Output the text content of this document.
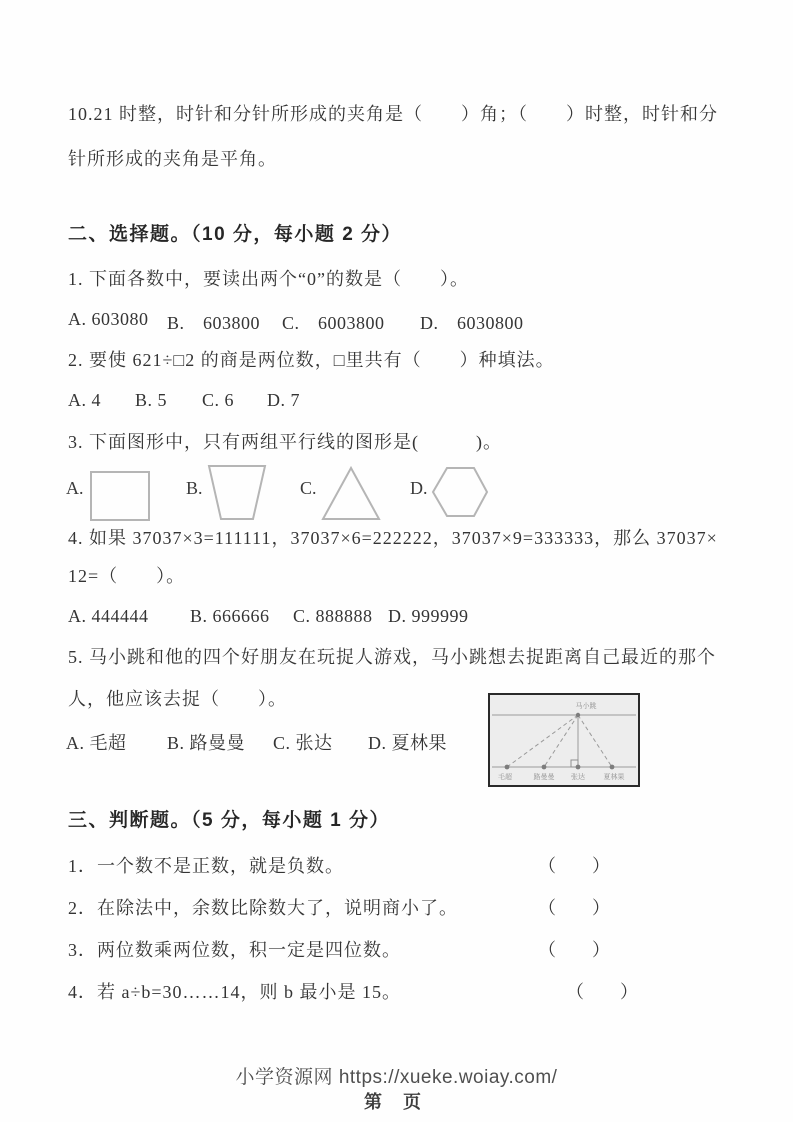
10.21 时整，时针和分针所形成的夹角是（　　）角；（　　）时整，时针和分
针所形成的夹角是平角。
二、选择题。（10 分，每小题 2 分）
1. 下面各数中，要读出两个“0”的数是（　　）。
A. 603080 B.　603800 C.　6003800 D.　6030800
2. 要使 621÷□2 的商是两位数，□里共有（　　）种填法。
A. 4 B. 5 C. 6 D. 7
3. 下面图形中，只有两组平行线的图形是(　　　)。
A.	B.	C.	D.
4. 如果 37037×3=111111，37037×6=222222，37037×9=333333，那么 37037×
12=（　　）。
A. 444444 B. 666666 C. 888888 D. 999999
5. 马小跳和他的四个好朋友在玩捉人游戏，马小跳想去捉距离自己最近的那个
人，他应该去捉（　　）。
A. 毛超 B. 路曼曼 C. 张达 D. 夏林果
马小跳
毛超	路曼曼 张达	夏林果
三、判断题。（5 分，每小题 1 分）
1．一个数不是正数，就是负数。	（　　）
2．在除法中，余数比除数大了，说明商小了。	（　　）
3．两位数乘两位数，积一定是四位数。	（　　）
4．若 a÷b=30……14，则 b 最小是 15。	（　　）
小学资源网 https://xueke.woiay.com/
第 页
